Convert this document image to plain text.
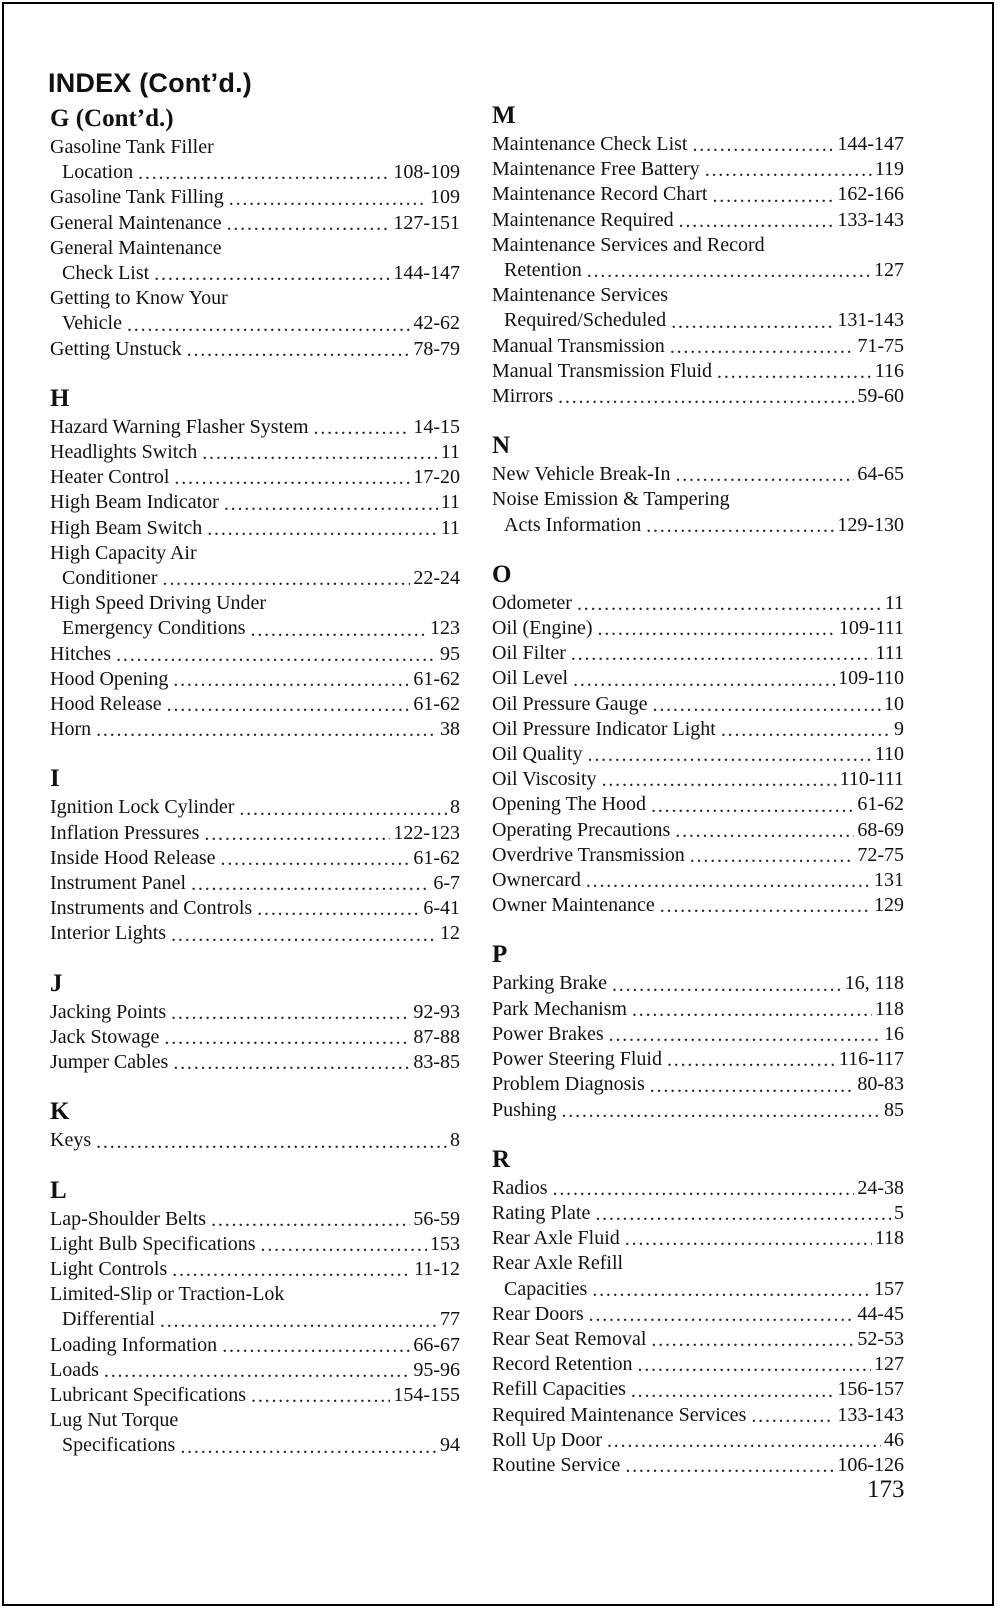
INDEX (Cont’d.)
G (Cont’d.)
Gasoline Tank Filler
Location . . .	108-109
Gasoline Tank Filling . . .	109
General Maintenance . . .	127-151
General Maintenance
Check List . . .	144-147
Getting to Know Your
Vehicle . . .	42-62
Getting Unstuck . . .	78-79
H
Hazard Warning Flasher System . . .	14-15
Headlights Switch . . .	11
Heater Control . . .	17-20
High Beam Indicator . . .	11
High Beam Switch . . .	11
High Capacity Air
Conditioner . . .	22-24
High Speed Driving Under
Emergency Conditions . . .	123
Hitches . . .	95
Hood Opening . . .	61-62
Hood Release . . .	61-62
Horn . . .	38
I
Ignition Lock Cylinder . . .	8
Inflation Pressures . . .	122-123
Inside Hood Release . . .	61-62
Instrument Panel . . .	6-7
Instruments and Controls . . .	6-41
Interior Lights . . .	12
J
Jacking Points . . .	92-93
Jack Stowage . . .	87-88
Jumper Cables . . .	83-85
K
Keys . . .	8
L
Lap-Shoulder Belts . . .	56-59
Light Bulb Specifications . . .	153
Light Controls . . .	11-12
Limited-Slip or Traction-Lok
Differential . . .	77
Loading Information . . .	66-67
Loads . . .	95-96
Lubricant Specifications . . .	154-155
Lug Nut Torque
Specifications . . .	94
M
Maintenance Check List . . .	144-147
Maintenance Free Battery . . .	119
Maintenance Record Chart . . .	162-166
Maintenance Required . . .	133-143
Maintenance Services and Record
Retention . . .	127
Maintenance Services
Required/Scheduled . . .	131-143
Manual Transmission . . .	71-75
Manual Transmission Fluid . . .	116
Mirrors . . .	59-60
N
New Vehicle Break-In . . .	64-65
Noise Emission & Tampering
Acts Information . . .	129-130
O
Odometer . . .	11
Oil (Engine) . . .	109-111
Oil Filter . . .	111
Oil Level . . .	109-110
Oil Pressure Gauge . . .	10
Oil Pressure Indicator Light . . .	9
Oil Quality . . .	110
Oil Viscosity . . .	110-111
Opening The Hood . . .	61-62
Operating Precautions . . .	68-69
Overdrive Transmission . . .	72-75
Ownercard . . .	131
Owner Maintenance . . .	129
P
Parking Brake . . .	16, 118
Park Mechanism . . .	118
Power Brakes . . .	16
Power Steering Fluid . . .	116-117
Problem Diagnosis . . .	80-83
Pushing . . .	85
R
Radios . . .	24-38
Rating Plate . . .	5
Rear Axle Fluid . . .	118
Rear Axle Refill
Capacities . . .	157
Rear Doors . . .	44-45
Rear Seat Removal . . .	52-53
Record Retention . . .	127
Refill Capacities . . .	156-157
Required Maintenance Services . . .	133-143
Roll Up Door . . .	46
Routine Service . . .	106-126

173
